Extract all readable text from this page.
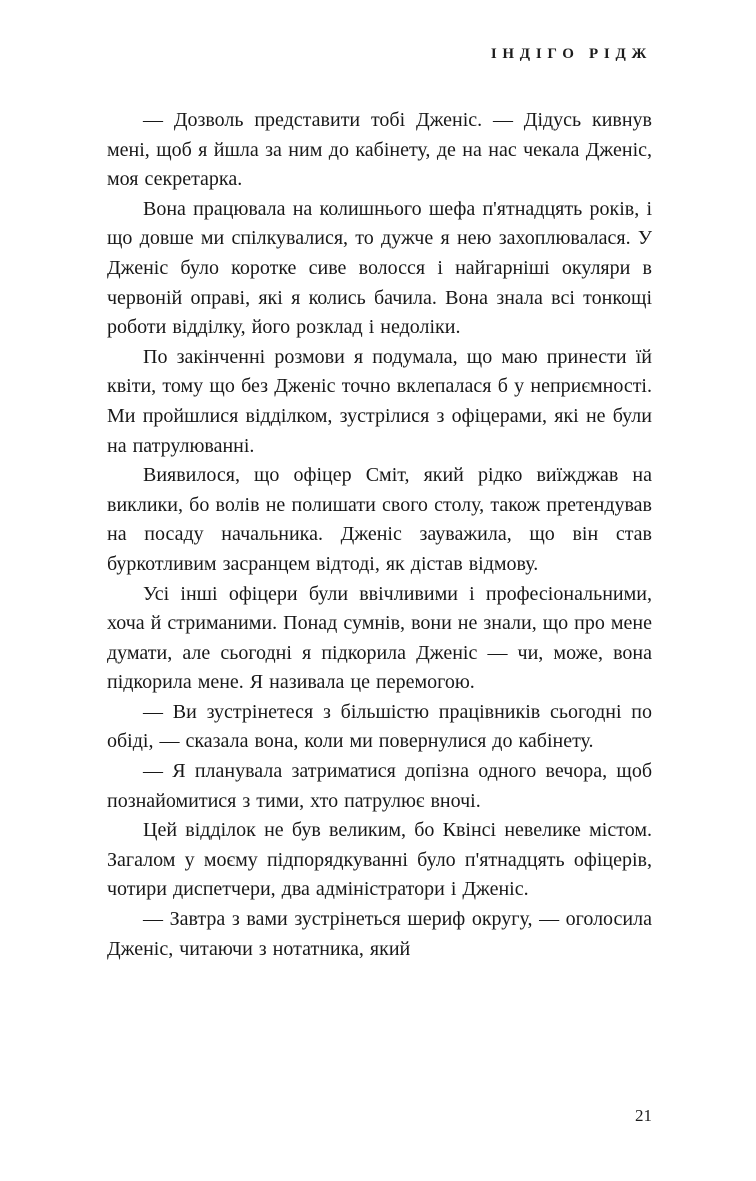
ІНДІГО РІДЖ

— Дозволь представити тобі Дженіс. — Дідусь кивнув мені, щоб я йшла за ним до кабінету, де на нас чекала Дженіс, моя секретарка.

Вона працювала на колишнього шефа п'ятнадцять років, і що довше ми спілкувалися, то дужче я нею захоплювалася. У Дженіс було коротке сиве волосся і найгарніші окуляри в червоній оправі, які я колись бачила. Вона знала всі тонкощі роботи відділку, його розклад і недоліки.

По закінченні розмови я подумала, що маю принести їй квіти, тому що без Дженіс точно вклепалася б у неприємності. Ми пройшлися відділком, зустрілися з офіцерами, які не були на патрулюванні.

Виявилося, що офіцер Сміт, який рідко виїжджав на виклики, бо волів не полишати свого столу, також претендував на посаду начальника. Дженіс зауважила, що він став буркотливим засранцем відтоді, як дістав відмову.

Усі інші офіцери були ввічливими і професіональними, хоча й стриманими. Понад сумнів, вони не знали, що про мене думати, але сьогодні я підкорила Дженіс — чи, може, вона підкорила мене. Я називала це перемогою.

— Ви зустрінетеся з більшістю працівників сьогодні по обіді, — сказала вона, коли ми повернулися до кабінету.

— Я планувала затриматися допізна одного вечора, щоб познайомитися з тими, хто патрулює вночі.

Цей відділок не був великим, бо Квінсі невелике містом. Загалом у моєму підпорядкуванні було п'ятнадцять офіцерів, чотири диспетчери, два адміністратори і Дженіс.

— Завтра з вами зустрінеться шериф округу, — оголосила Дженіс, читаючи з нотатника, який

21
